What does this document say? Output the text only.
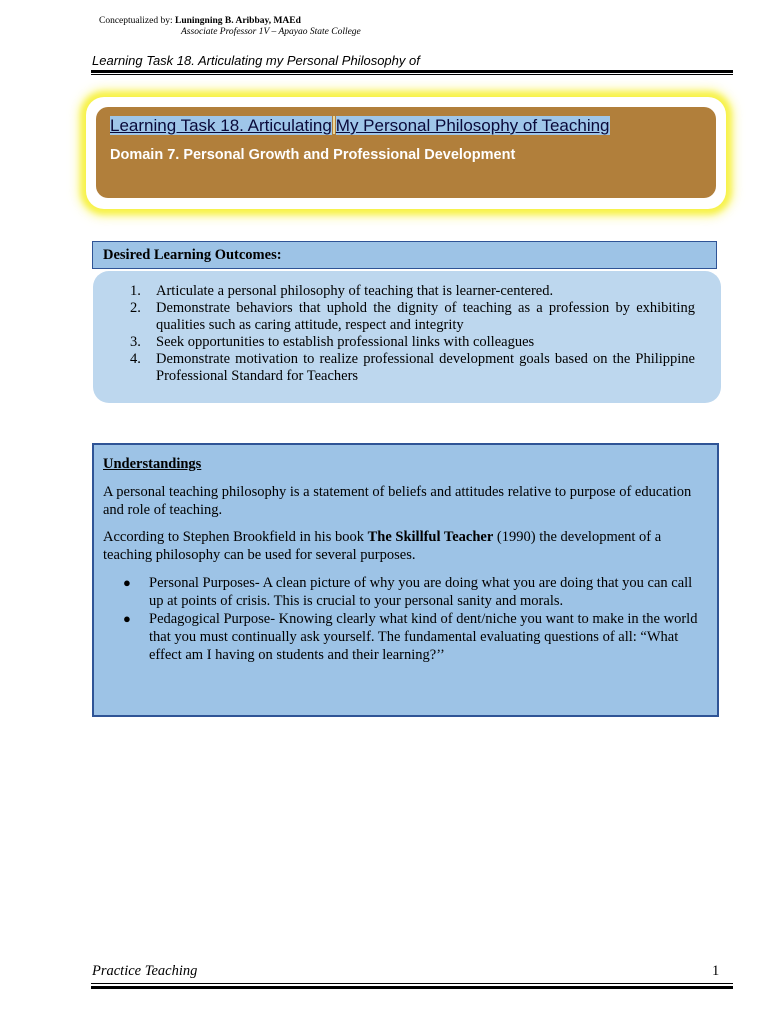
Conceptualized by: Luningning B. Aribbay, MAEd
Associate Professor 1V – Apayao State College
Learning Task 18. Articulating my Personal Philosophy of
Learning Task 18. Articulating My Personal Philosophy of Teaching
Domain 7. Personal Growth and Professional Development
Desired Learning Outcomes:
1.	Articulate a personal philosophy of teaching that is learner-centered.
2.	Demonstrate behaviors that uphold the dignity of teaching as a profession by exhibiting qualities such as caring attitude, respect and integrity
3.	Seek opportunities to establish professional links with colleagues
4.	Demonstrate motivation to realize professional development goals based on the Philippine Professional Standard for Teachers
Understandings

A personal teaching philosophy is a statement of beliefs and attitudes relative to purpose of education and role of teaching.

According to Stephen Brookfield in his book The Skillful Teacher (1990) the development of a teaching philosophy can be used for several purposes.

●	Personal Purposes- A clean picture of why you are doing what you are doing that you can call up at points of crisis. This is crucial to your personal sanity and morals.
●	Pedagogical Purpose- Knowing clearly what kind of dent/niche you want to make in the world that you must continually ask yourself. The fundamental evaluating questions of all: “What effect am I having on students and their learning?’’
Practice Teaching	1
